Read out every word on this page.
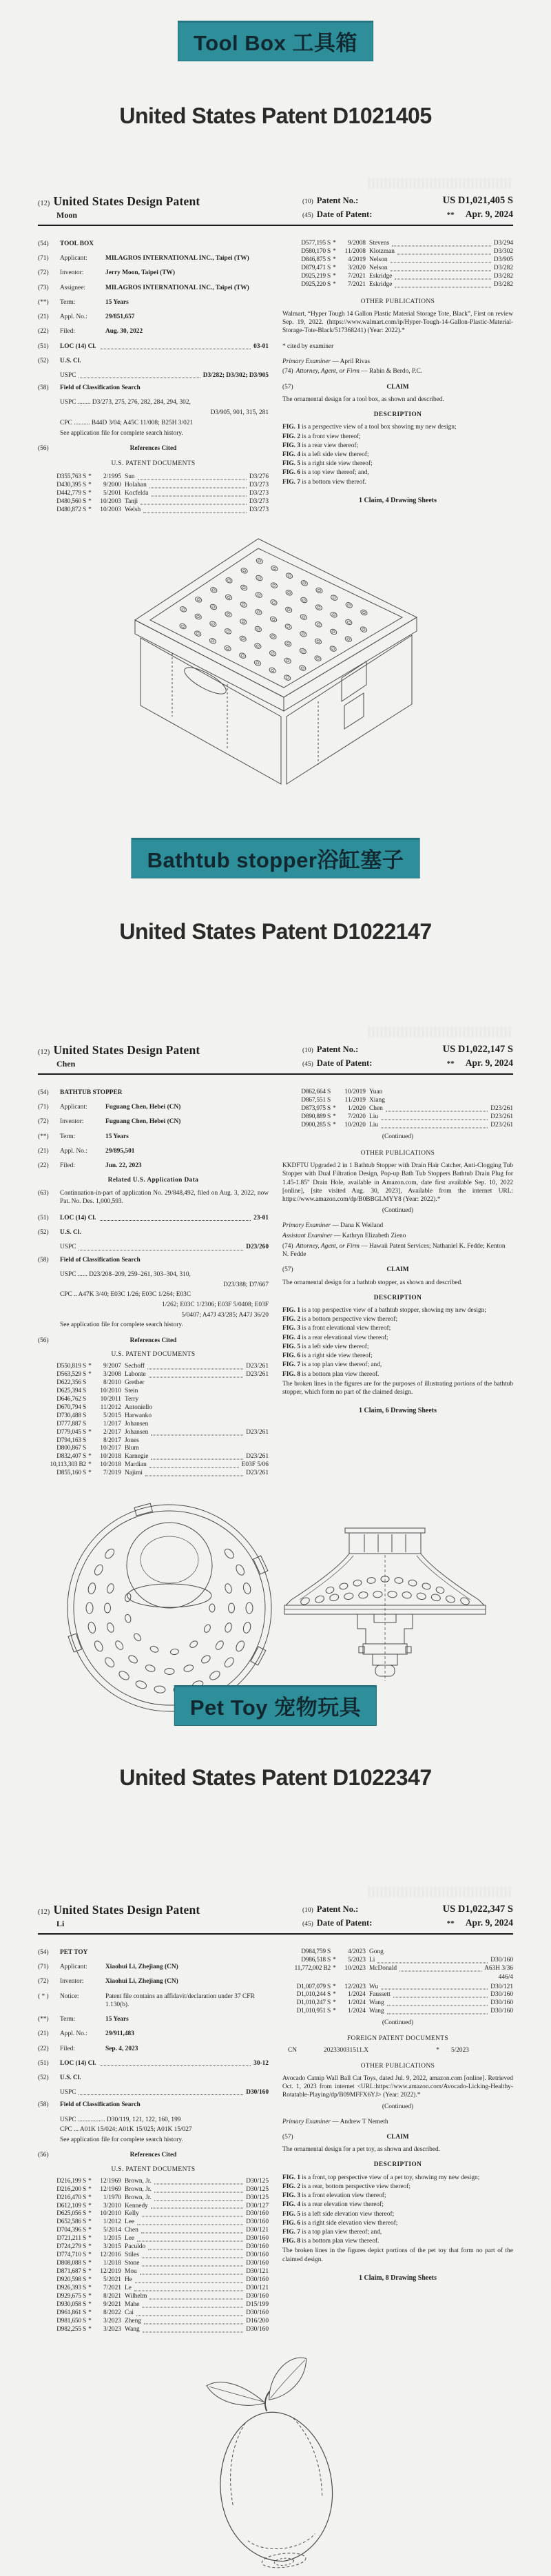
Tool Box 工具箱
United States Patent D1021405
(12) United States Design Patent
Moon
(10) Patent No.:	US D1,021,405 S
(45) Date of Patent:	** Apr. 9, 2024
(54)	TOOL BOX
(71)	Applicant:	MILAGROS INTERNATIONAL INC., Taipei (TW)
(72)	Inventor:	Jerry Moon, Taipei (TW)
(73)	Assignee:	MILAGROS INTERNATIONAL INC., Taipei (TW)
(**)	Term:	15 Years
(21)	Appl. No.:	29/851,657
(22)	Filed:	Aug. 30, 2022
(51)	LOC (14) Cl.	03-01
(52)	U.S. Cl.
USPC	D3/282; D3/302; D3/905
(58)	Field of Classification Search
USPC ........ D3/273, 275, 276, 282, 284, 294, 302,
D3/905, 901, 315, 281
CPC .......... B44D 3/04; A45C 11/008; B25H 3/021
See application file for complete search history.
(56)	References Cited
U.S. PATENT DOCUMENTS
D355,763 S *	2/1995 Sun	D3/276
D430,395 S *	9/2000 Holahan	D3/273
D442,779 S *	5/2001 Kocfelda	D3/273
D480,560 S *	10/2003 Tanji	D3/273
D480,872 S *	10/2003 Welsh	D3/273
D577,195 S *	9/2008 Stevens	D3/294
D580,170 S *	11/2008 Klotzman	D3/302
D846,875 S *	4/2019 Nelson	D3/905
D879,471 S *	3/2020 Nelson	D3/282
D925,219 S *	7/2021 Eskridge	D3/282
D925,220 S *	7/2021 Eskridge	D3/282
OTHER PUBLICATIONS
Walmart, “Hyper Tough 14 Gallon Plastic Material Storage Tote, Black”, First on review Sep. 19, 2022. (https://www.walmart.com/ip/Hyper-Tough-14-Gallon-Plastic-Material-Storage-Tote-Black/517368241) (Year: 2022).*
* cited by examiner
Primary Examiner — April Rivas
(74) Attorney, Agent, or Firm — Rabin & Berdo, P.C.
(57)	CLAIM
The ornamental design for a tool box, as shown and described.
DESCRIPTION
FIG. 1 is a perspective view of a tool box showing my new design;
FIG. 2 is a front view thereof;
FIG. 3 is a rear view thereof;
FIG. 4 is a left side view thereof;
FIG. 5 is a right side view thereof;
FIG. 6 is a top view thereof; and,
FIG. 7 is a bottom view thereof.
1 Claim, 4 Drawing Sheets
Bathtub stopper浴缸塞子
United States Patent D1022147
(12) United States Design Patent
Chen
(10) Patent No.:	US D1,022,147 S
(45) Date of Patent:	** Apr. 9, 2024
(54)	BATHTUB STOPPER
(71)	Applicant:	Fuguang Chen, Hebei (CN)
(72)	Inventor:	Fuguang Chen, Hebei (CN)
(**)	Term:	15 Years
(21)	Appl. No.:	29/895,501
(22)	Filed:	Jun. 22, 2023
Related U.S. Application Data
(63)	Continuation-in-part of application No. 29/848,492, filed on Aug. 3, 2022, now Pat. No. Des. 1,000,593.
(51)	LOC (14) Cl.	23-01
(52)	U.S. Cl.
USPC	D23/260
(58)	Field of Classification Search
USPC ...... D23/208–209, 259–261, 303–304, 310,
D23/388; D7/667
CPC .. A47K 3/40; E03C 1/26; E03C 1/264; E03C
1/262; E03C 1/2306; E03F 5/0408; E03F
5/0407; A47J 43/285; A47J 36/20
See application file for complete search history.
(56)	References Cited
U.S. PATENT DOCUMENTS
D550,819 S *	9/2007 Sechoff	D23/261
D563,529 S *	3/2008 Labonte	D23/261
D622,356 S	8/2010 Grether
D625,394 S	10/2010 Stein
D646,762 S	10/2011 Terry
D670,794 S	11/2012 Antoniello
D730,488 S	5/2015 Harwanko
D777,887 S	1/2017 Johansen
D779,045 S *	2/2017 Johansen	D23/261
D794,163 S	8/2017 Jones
D800,867 S	10/2017 Blum
D832,407 S *	10/2018 Karnegie	D23/261
10,113,303 B2 *	10/2018 Mardian	E03F 5/06
D855,160 S *	7/2019 Najimi	D23/261
D862,664 S	10/2019 Yuan
D867,551 S	11/2019 Xiang
D873,975 S *	1/2020 Chen	D23/261
D890,889 S *	7/2020 Liu	D23/261
D900,285 S *	10/2020 Liu	D23/261
(Continued)
OTHER PUBLICATIONS
KKDFTU Upgraded 2 in 1 Bathtub Stopper with Drain Hair Catcher, Anti-Clogging Tub Stopper with Dual Filtration Design, Pop-up Bath Tub Stoppers Bathtub Drain Plug for 1.45-1.85" Drain Hole, available in Amazon.com, date first available Sep. 10, 2022 [online], [site visited Aug. 30, 2023], Available from the internet URL: https://www.amazon.com/dp/B0BBGLMYY8 (Year: 2022).*
(Continued)
Primary Examiner — Dana K Weiland
Assistant Examiner — Kathryn Elizabeth Zieno
(74) Attorney, Agent, or Firm — Hawaii Patent Services; Nathaniel K. Fedde; Kenton N. Fedde
(57)	CLAIM
The ornamental design for a bathtub stopper, as shown and described.
DESCRIPTION
FIG. 1 is a top perspective view of a bathtub stopper, showing my new design;
FIG. 2 is a bottom perspective view thereof;
FIG. 3 is a front elevational view thereof;
FIG. 4 is a rear elevational view thereof;
FIG. 5 is a left side view thereof;
FIG. 6 is a right side view thereof;
FIG. 7 is a top plan view thereof; and,
FIG. 8 is a bottom plan view thereof.
The broken lines in the figures are for the purposes of illustrating portions of the bathtub stopper, which form no part of the claimed design.
1 Claim, 6 Drawing Sheets
Pet Toy 宠物玩具
United States Patent D1022347
(12) United States Design Patent
Li
(10) Patent No.:	US D1,022,347 S
(45) Date of Patent:	** Apr. 9, 2024
(54)	PET TOY
(71)	Applicant:	Xiaohui Li, Zhejiang (CN)
(72)	Inventor:	Xiaohui Li, Zhejiang (CN)
( * )	Notice:	Patent file contains an affidavit/declaration under 37 CFR 1.130(b).
(**)	Term:	15 Years
(21)	Appl. No.:	29/911,483
(22)	Filed:	Sep. 4, 2023
(51)	LOC (14) Cl.	30-12
(52)	U.S. Cl.
USPC	D30/160
(58)	Field of Classification Search
USPC ................. D30/119, 121, 122, 160, 199
CPC ... A01K 15/024; A01K 15/025; A01K 15/027
See application file for complete search history.
(56)	References Cited
U.S. PATENT DOCUMENTS
D216,199 S *	12/1969 Brown, Jr.	D30/125
D216,200 S *	12/1969 Brown, Jr.	D30/125
D216,470 S *	1/1970 Brown, Jr.	D30/125
D612,109 S *	3/2010 Kennedy	D30/127
D625,056 S *	10/2010 Kelly	D30/160
D652,586 S *	1/2012 Lee	D30/160
D704,396 S *	5/2014 Chen	D30/121
D721,211 S *	1/2015 Lee	D30/160
D724,279 S *	3/2015 Paculdo	D30/160
D774,710 S *	12/2016 Stiles	D30/160
D808,088 S *	1/2018 Stone	D30/160
D871,687 S *	12/2019 Mou	D30/121
D920,598 S *	5/2021 He	D30/160
D926,393 S *	7/2021 Le	D30/121
D929,675 S *	8/2021 Wilhelm	D30/160
D930,058 S *	9/2021 Mahe	D15/199
D961,861 S *	8/2022 Cai	D30/160
D981,650 S *	3/2023 Zheng	D16/200
D982,255 S *	3/2023 Wang	D30/160
D984,759 S	4/2023 Gong
D986,518 S *	5/2023 Li	D30/160
11,772,002 B2 *	10/2023 McDonald	A63H 3/36
446/4
D1,007,079 S *	12/2023 Wu	D30/121
D1,010,244 S *	1/2024 Faussett	D30/160
D1,010,247 S *	1/2024 Wang	D30/160
D1,010,951 S *	1/2024 Wang	D30/160
(Continued)
FOREIGN PATENT DOCUMENTS
CN	202330031511.X	*	5/2023
OTHER PUBLICATIONS
Avocado Catnip Wall Ball Cat Toys, dated Jul. 9, 2022, amazon.com [online]. Retrieved Oct. 1, 2023 from internet <URL:https://www.amazon.com/Avocado-Licking-Healthy-Rotatable-Playing/dp/B09MFFX6YJ> (Year: 2022).*
(Continued)
Primary Examiner — Andrew T Nemeth
(57)	CLAIM
The ornamental design for a pet toy, as shown and described.
DESCRIPTION
FIG. 1 is a front, top perspective view of a pet toy, showing my new design;
FIG. 2 is a rear, bottom perspective view thereof;
FIG. 3 is a front elevation view thereof;
FIG. 4 is a rear elevation view thereof;
FIG. 5 is a left side elevation view thereof;
FIG. 6 is a right side elevation view thereof;
FIG. 7 is a top plan view thereof; and,
FIG. 8 is a bottom plan view thereof.
The broken lines in the figures depict portions of the pet toy that form no part of the claimed design.
1 Claim, 8 Drawing Sheets
